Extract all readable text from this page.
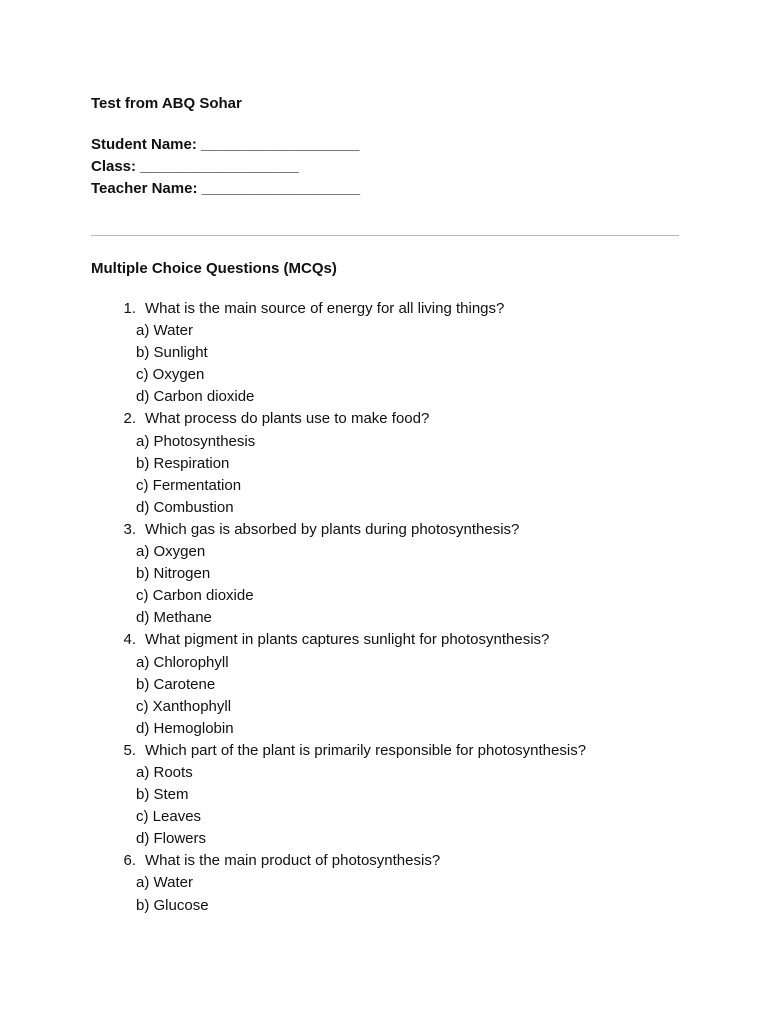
Test from ABQ Sohar
Student Name: ___________________
Class: ___________________
Teacher Name: ___________________
Multiple Choice Questions (MCQs)
1. What is the main source of energy for all living things?
a) Water
b) Sunlight
c) Oxygen
d) Carbon dioxide
2. What process do plants use to make food?
a) Photosynthesis
b) Respiration
c) Fermentation
d) Combustion
3. Which gas is absorbed by plants during photosynthesis?
a) Oxygen
b) Nitrogen
c) Carbon dioxide
d) Methane
4. What pigment in plants captures sunlight for photosynthesis?
a) Chlorophyll
b) Carotene
c) Xanthophyll
d) Hemoglobin
5. Which part of the plant is primarily responsible for photosynthesis?
a) Roots
b) Stem
c) Leaves
d) Flowers
6. What is the main product of photosynthesis?
a) Water
b) Glucose
